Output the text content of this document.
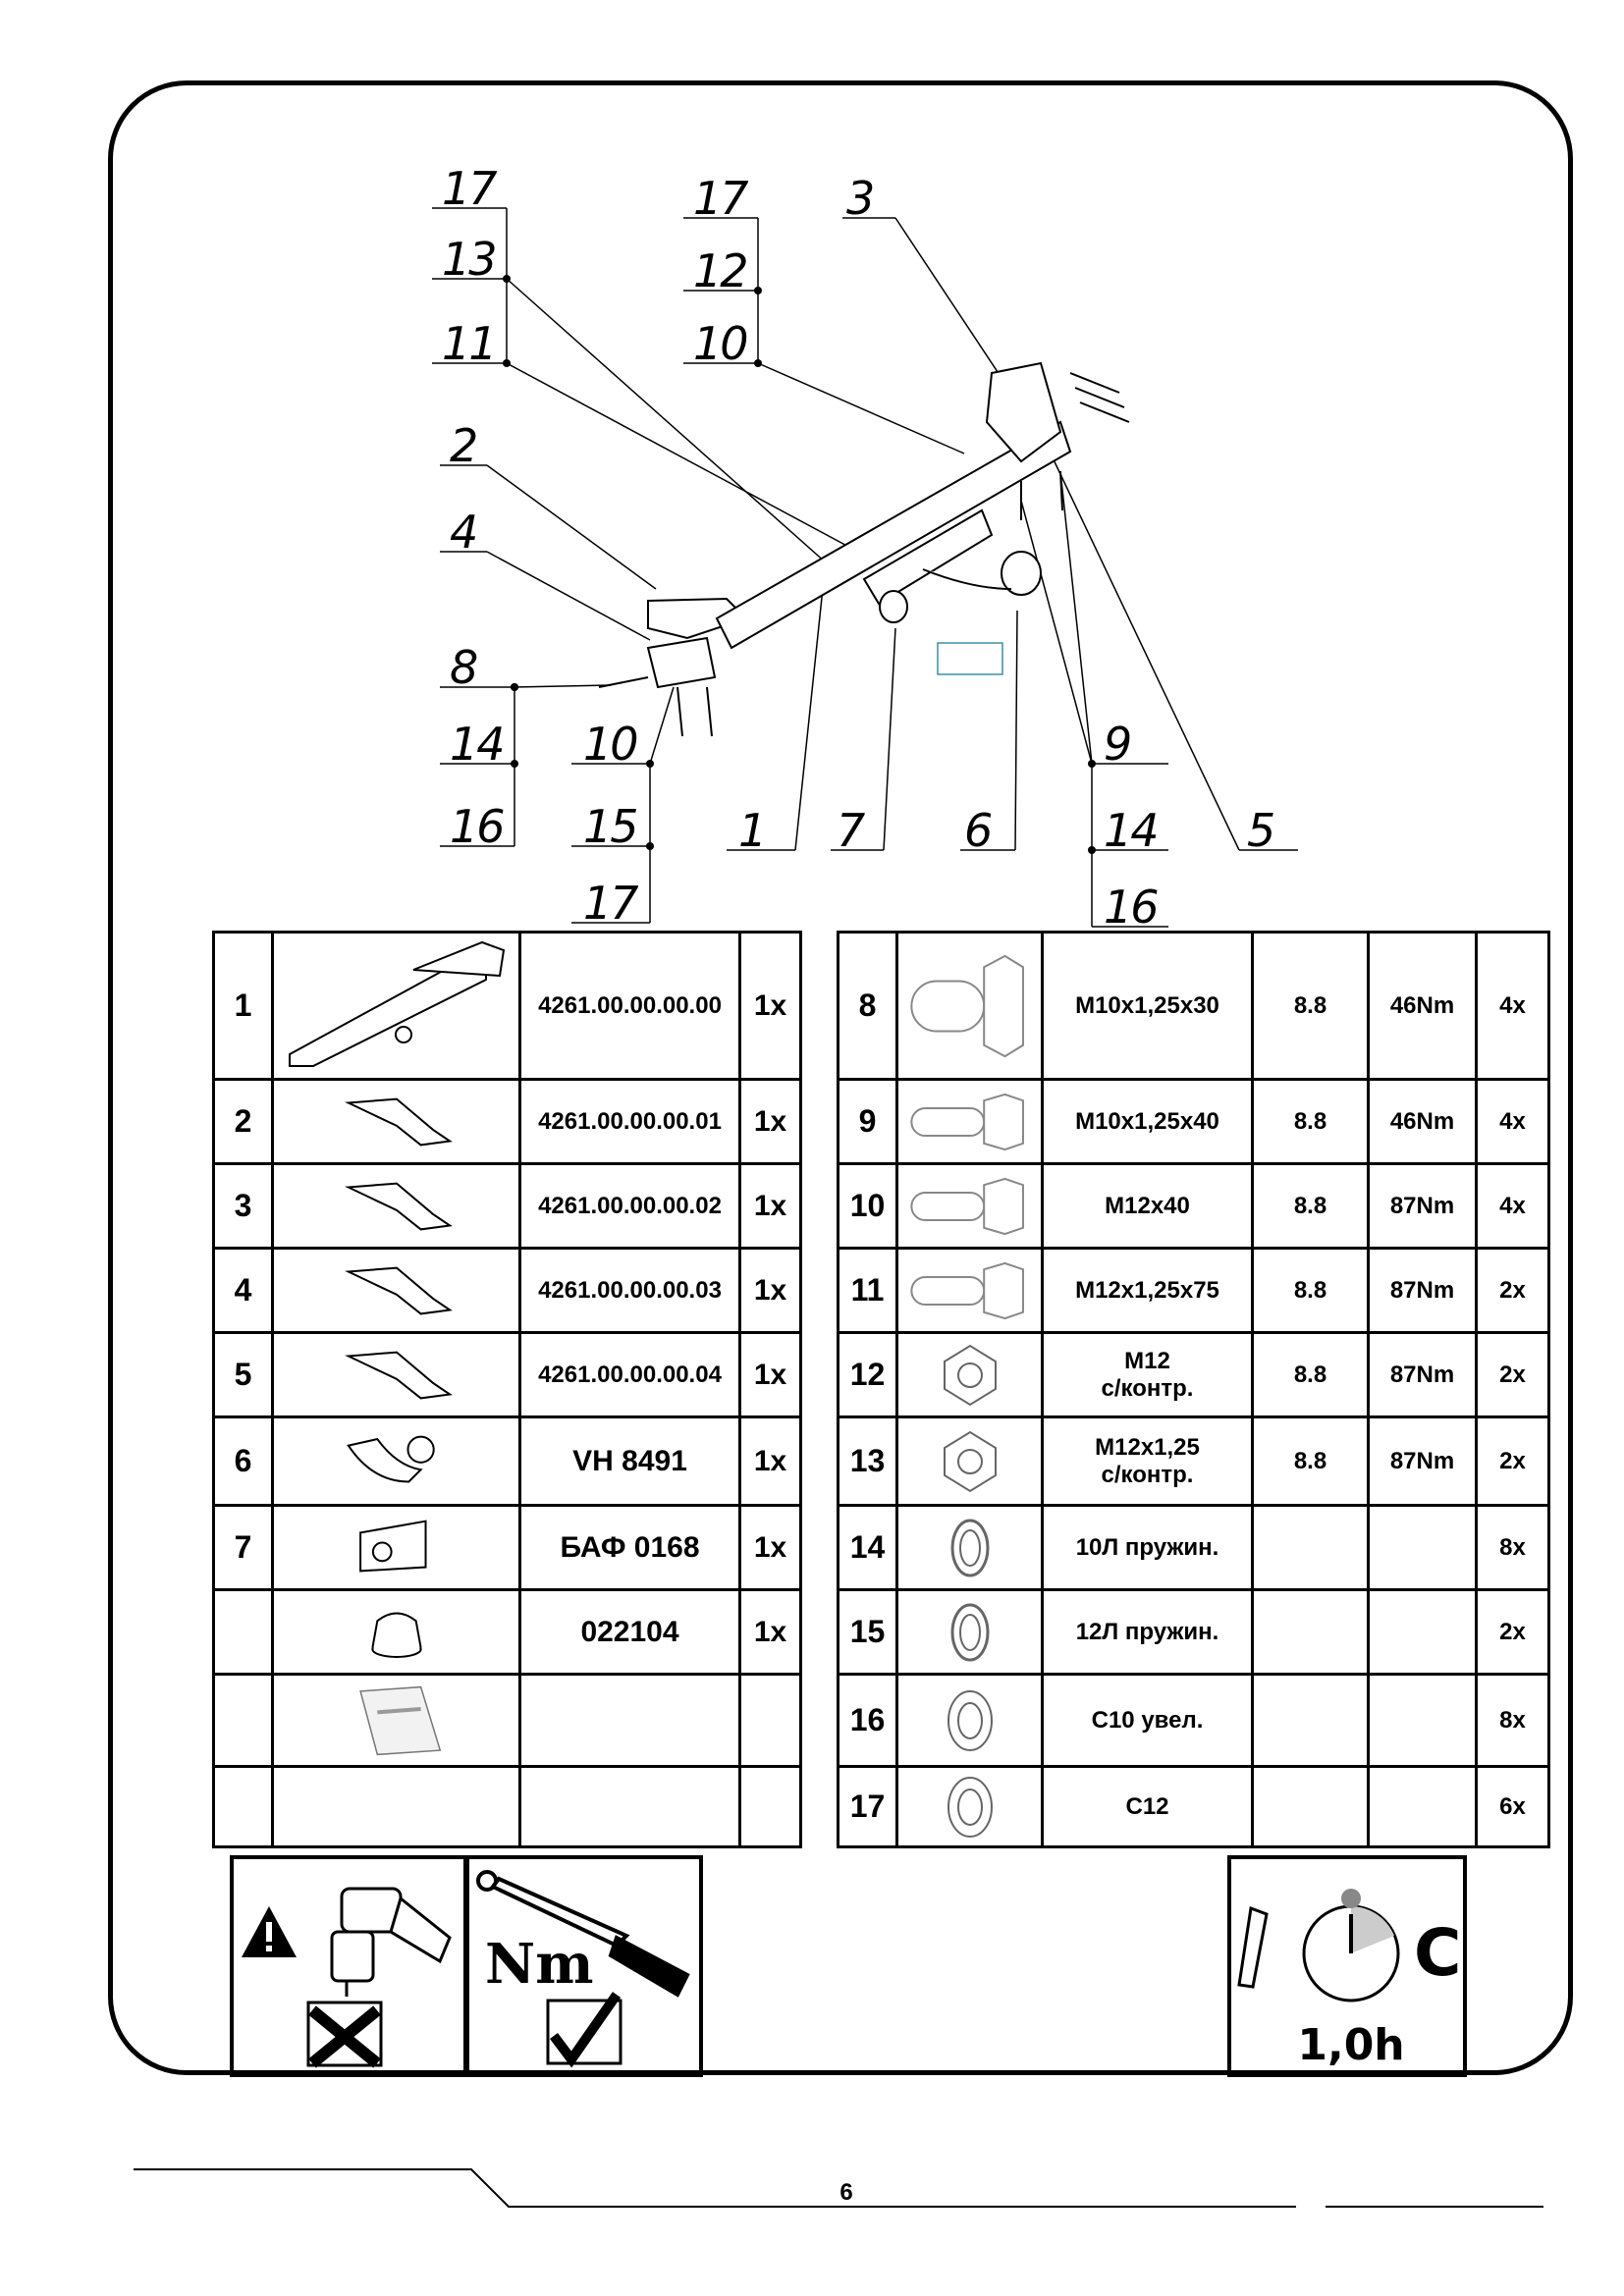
17
13
11
17
12
10
3
2
4
8
14
16
10
15
17
1 7 6
9
14
16
5
1		4261.00.00.00.00	1x
2		4261.00.00.00.01	1x
3		4261.00.00.00.02	1x
4		4261.00.00.00.03	1x
5		4261.00.00.00.04	1x
6		VH 8491	1x
7		БАФ 0168	1x

	022104	1x

8		M10x1,25x30	8.8	46Nm	4x
9		M10x1,25x40	8.8	46Nm	4x
10		M12x40	8.8	87Nm	4x
11		M12x1,25x75	8.8	87Nm	2x
12		M12
с/контр.	8.8	87Nm	2x
13		M12x1,25
с/контр.	8.8	87Nm	2x
14		10Л пружин.			8x
15		12Л пружин.			2x
16		C10 увел.			8x
17		C12			6x
Nm	C
1,0h
6
